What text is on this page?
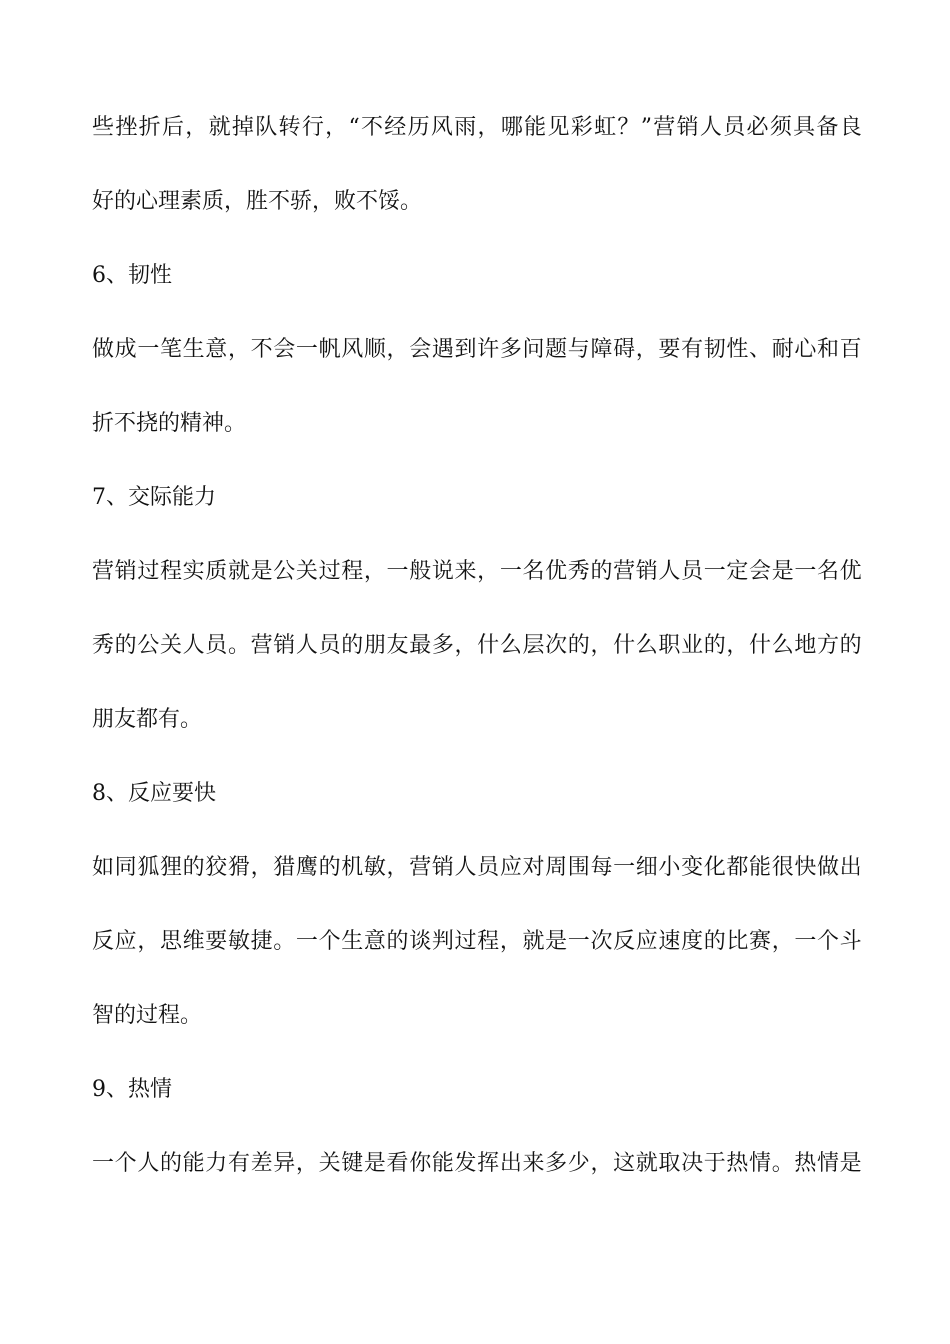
些 挫 折 后 ， 就 掉 队 转 行 ， “ 不 经 历 风 雨 ， 哪 能 见 彩 虹 ？ ” 营 销 人 员 必 须 具 备 良
好的心理素质，胜不骄，败不馁。
6、韧性
做 成 一 笔 生 意 ， 不 会 一 帆 风 顺 ， 会 遇 到 许 多 问 题 与 障 碍 ， 要 有 韧 性 、 耐 心 和 百
折不挠的精神。
7、交际能力
营 销 过 程 实 质 就 是 公 关 过 程 ， 一 般 说 来 ， 一 名 优 秀 的 营 销 人 员 一 定 会 是 一 名 优
秀 的 公 关 人 员 。 营 销 人 员 的 朋 友 最 多 ， 什 么 层 次 的 ， 什 么 职 业 的 ， 什 么 地 方 的
朋友都有。
8、反应要快
如 同 狐 狸 的 狡 猾 ， 猎 鹰 的 机 敏 ， 营 销 人 员 应 对 周 围 每 一 细 小 变 化 都 能 很 快 做 出
反 应 ， 思 维 要 敏 捷 。 一 个 生 意 的 谈 判 过 程 ， 就 是 一 次 反 应 速 度 的 比 赛 ， 一 个 斗
智的过程。
9、热情
一 个 人 的 能 力 有 差 异 ， 关 键 是 看 你 能 发 挥 出 来 多 少 ， 这 就 取 决 于 热 情 。 热 情 是
